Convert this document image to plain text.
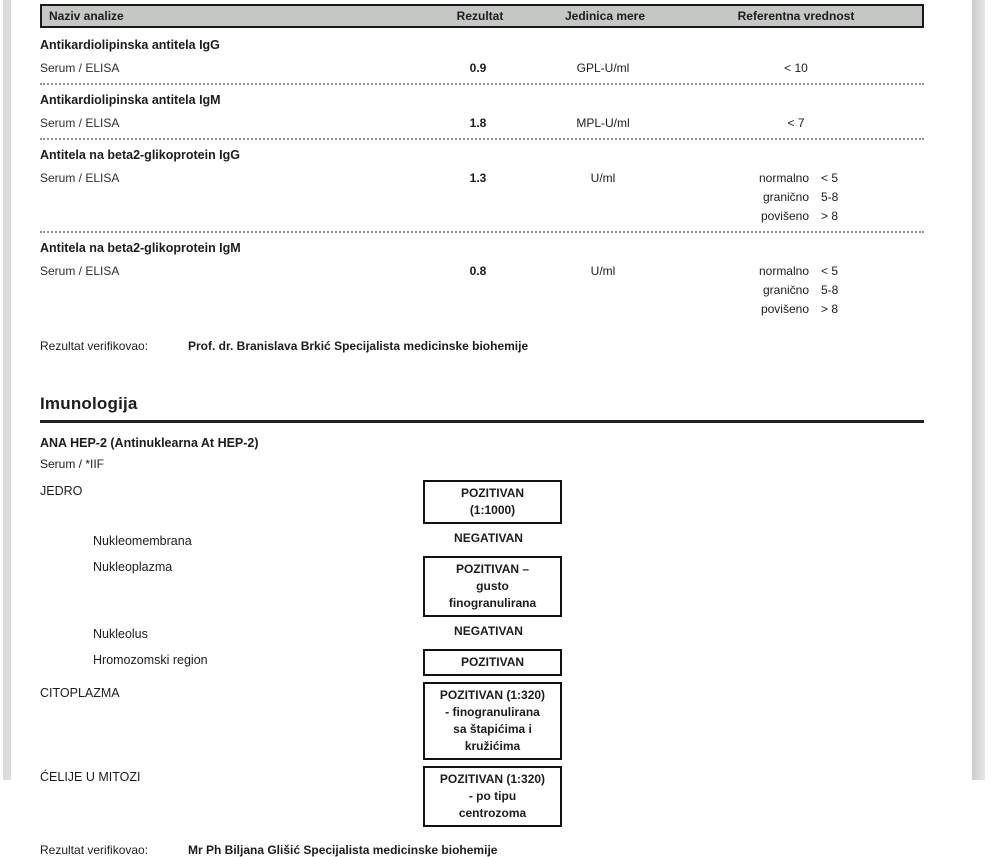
Naziv analize	Rezultat	Jedinica mere	Referentna vrednost
Antikardiolipinska antitela IgG
Serum / ELISA	0.9	GPL-U/ml	< 10
Antikardiolipinska antitela IgM
Serum / ELISA	1.8	MPL-U/ml	< 7
Antitela na beta2-glikoprotein IgG
Serum / ELISA	1.3	U/ml	normalno < 5
granično 5-8
povišeno > 8
Antitela na beta2-glikoprotein IgM
Serum / ELISA	0.8	U/ml	normalno < 5
granično 5-8
povišeno > 8
Rezultat verifikovao:	Prof. dr. Branislava Brkić Specijalista medicinske biohemije
Imunologija
ANA HEP-2 (Antinuklearna At HEP-2)
Serum / *IIF
JEDRO	POZITIVAN
(1:1000)
Nukleomembrana	NEGATIVAN
Nukleoplazma	POZITIVAN –
gusto
finogranulirana
Nukleolus	NEGATIVAN
Hromozomski region	POZITIVAN
CITOPLAZMA	POZITIVAN (1:320)
- finogranulirana
sa štapićima i
kružićima
ĆELIJE U MITOZI	POZITIVAN (1:320)
- po tipu
centrozoma
Rezultat verifikovao:	Mr Ph Biljana Glišić Specijalista medicinske biohemije
